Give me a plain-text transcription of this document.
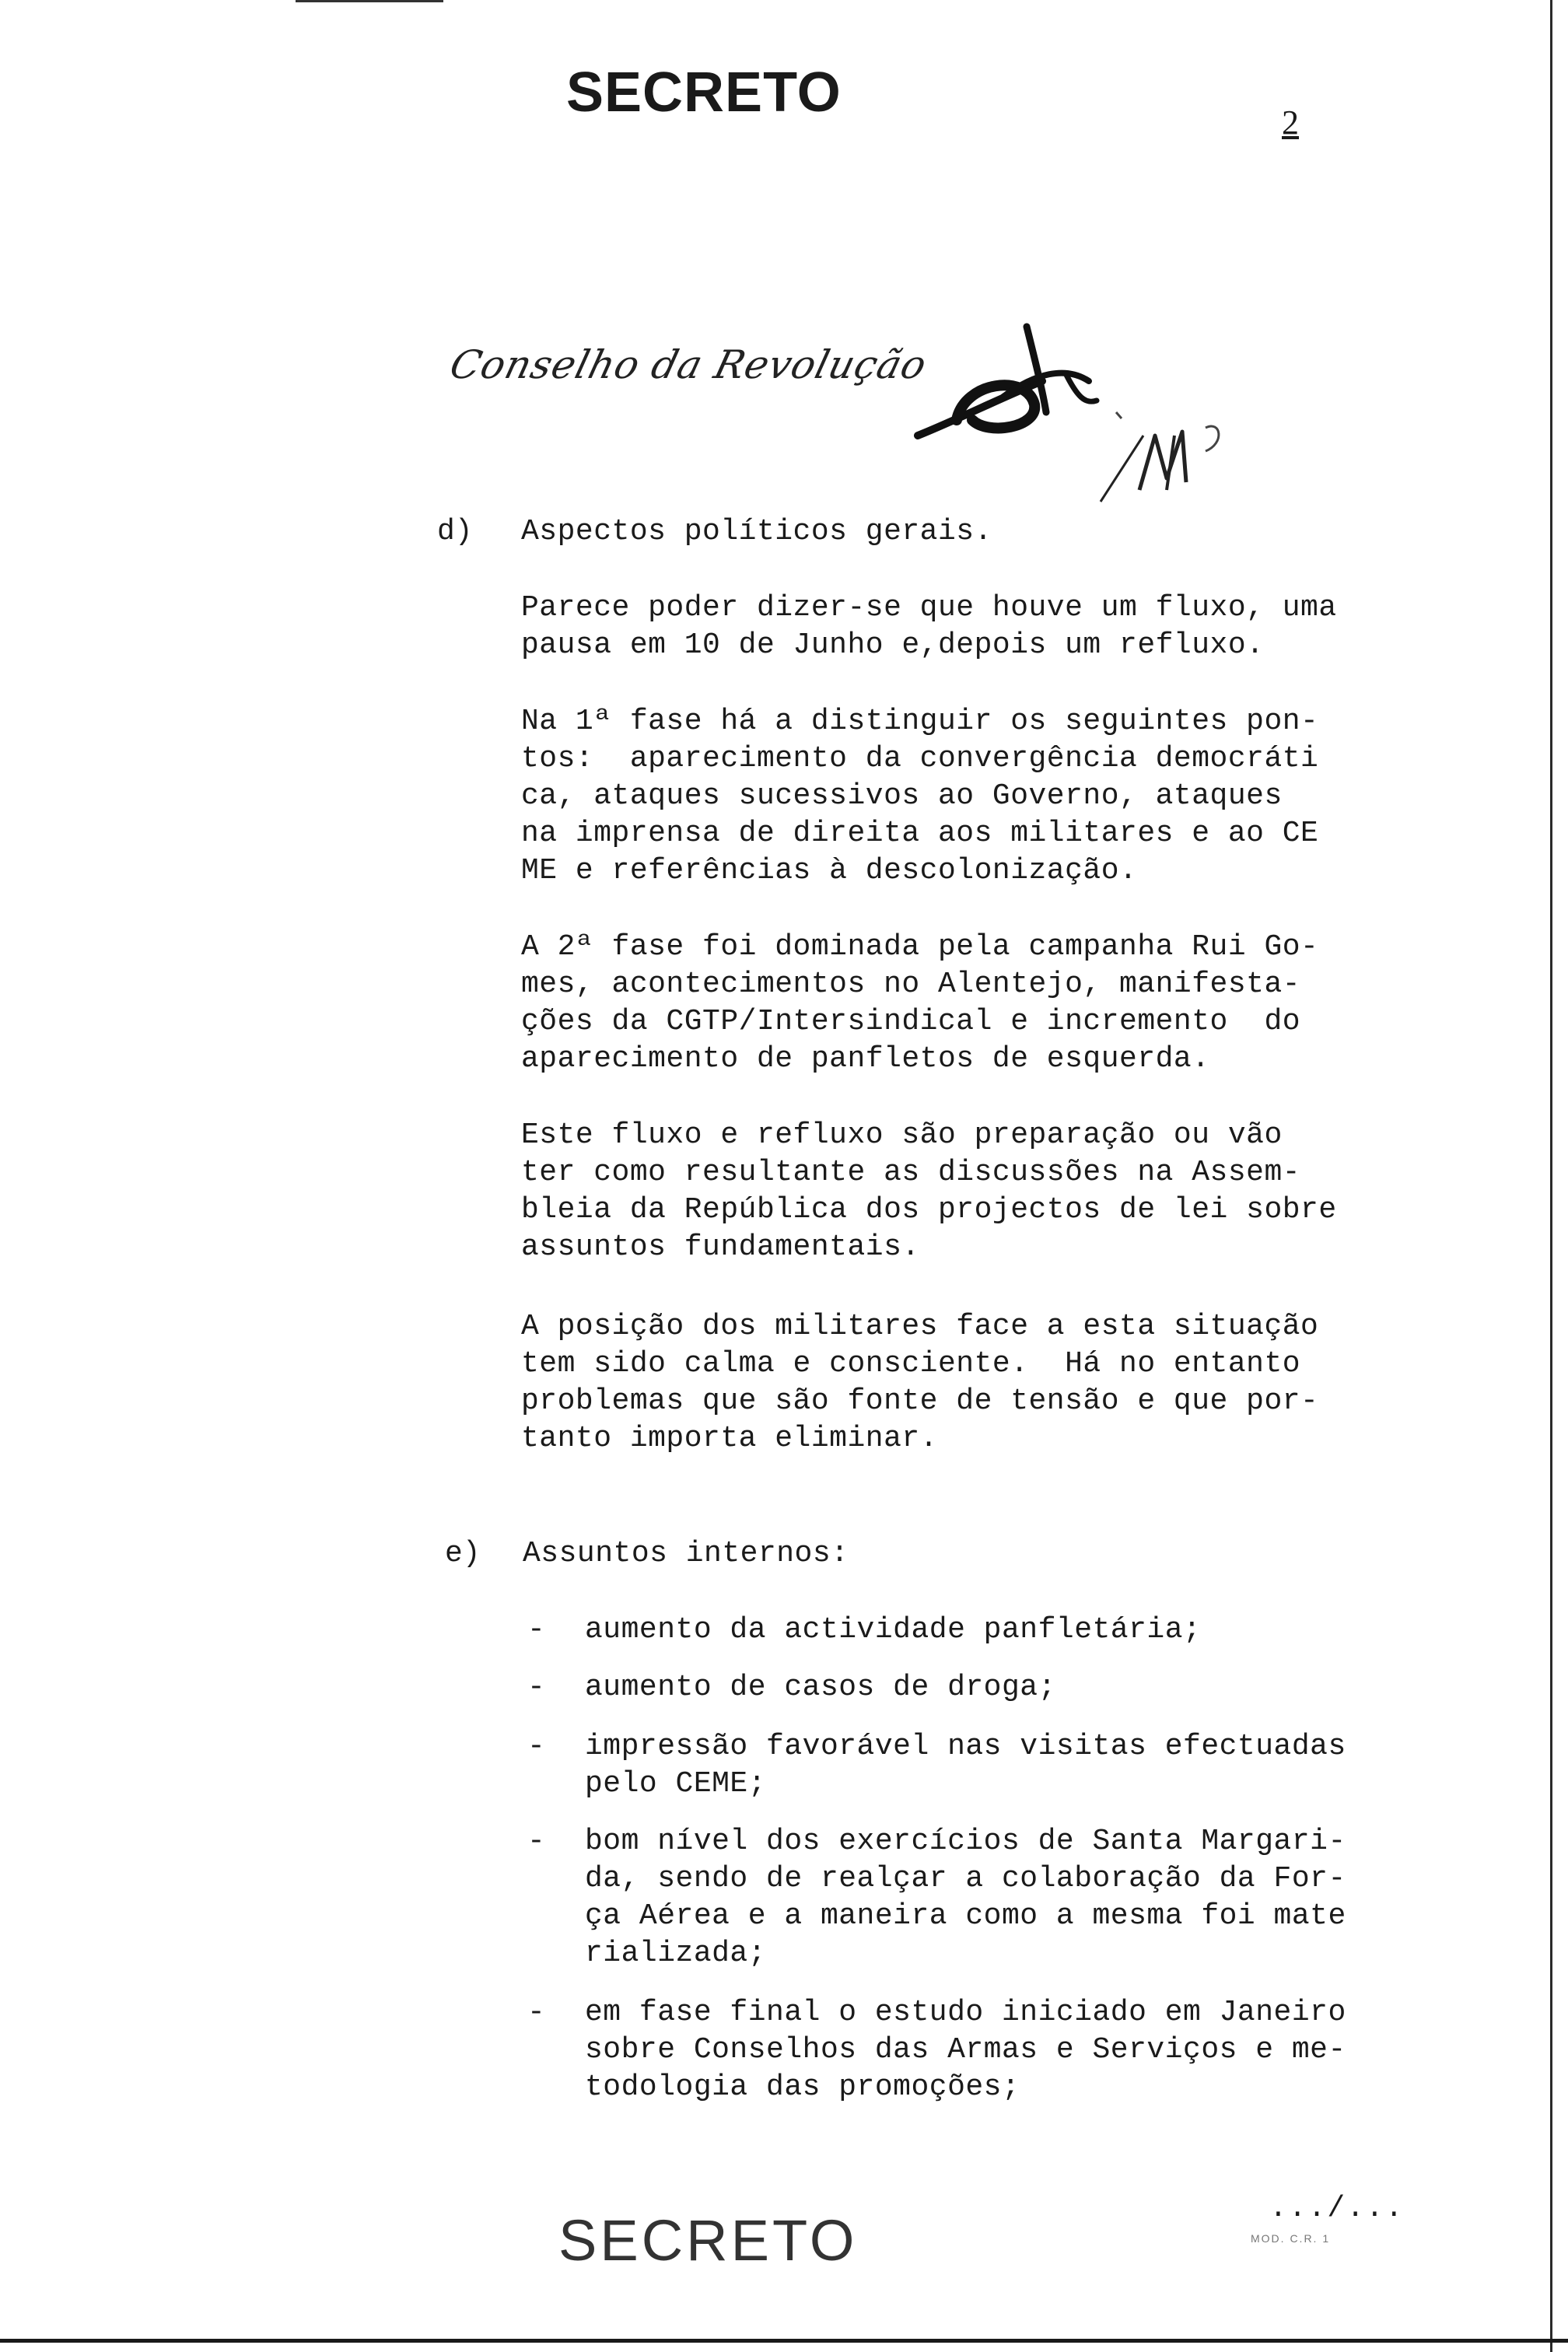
SECRETO	2
Conselho da Revolução
d) Aspectos políticos gerais.
Parece poder dizer-se que houve um fluxo, uma
pausa em 10 de Junho e,depois um refluxo.
Na 1ª fase há a distinguir os seguintes pon-
tos:  aparecimento da convergência democráti
ca, ataques sucessivos ao Governo, ataques
na imprensa de direita aos militares e ao CE
ME e referências à descolonização.
A 2ª fase foi dominada pela campanha Rui Go-
mes, acontecimentos no Alentejo, manifesta-
ções da CGTP/Intersindical e incremento  do
aparecimento de panfletos de esquerda.
Este fluxo e refluxo são preparação ou vão
ter como resultante as discussões na Assem-
bleia da República dos projectos de lei sobre
assuntos fundamentais.
A posição dos militares face a esta situação
tem sido calma e consciente.  Há no entanto
problemas que são fonte de tensão e que por-
tanto importa eliminar.
e) Assuntos internos:
- aumento da actividade panfletária;
- aumento de casos de droga;
- impressão favorável nas visitas efectuadas
pelo CEME;
- bom nível dos exercícios de Santa Margari-
da, sendo de realçar a colaboração da For-
ça Aérea e a maneira como a mesma foi mate
rializada;
- em fase final o estudo iniciado em Janeiro
sobre Conselhos das Armas e Serviços e me-
todologia das promoções;
SECRETO	.../...
MOD. C.R. 1
